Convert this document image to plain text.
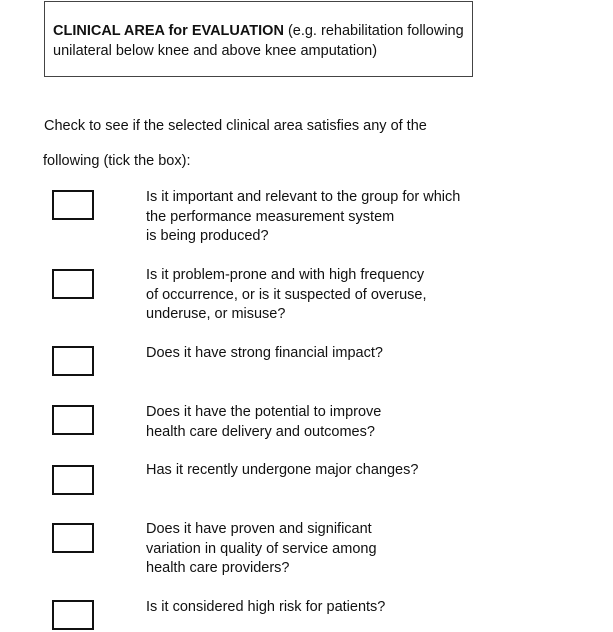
CLINICAL AREA for EVALUATION (e.g. rehabilitation following
unilateral below knee and above knee amputation)
Check to see if the selected clinical area satisfies any of the
following (tick the box):
Is it important and relevant to the group for which
the performance measurement system
is being produced?
Is it problem-prone and with high frequency
of occurrence, or is it suspected of overuse,
underuse, or misuse?
Does it have strong financial impact?
Does it have the potential to improve
health care delivery and outcomes?
Has it recently undergone major changes?
Does it have proven and significant
variation in quality of service among
health care providers?
Is it considered high risk for patients?
